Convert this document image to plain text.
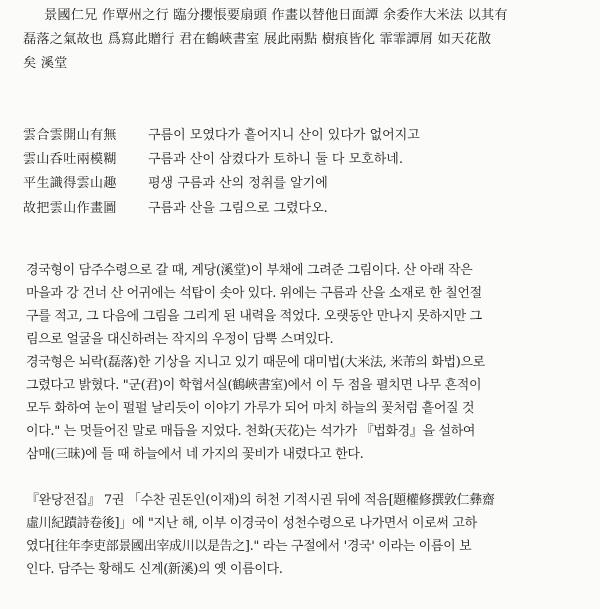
景國仁兄 作覃州之行 臨分攖悵要扇頭 作畫以替他日面譚 余委作大米法 以其有
磊落之氣故也 爲寫此贈行 君在鶴峽書室 展此兩點 樹痕皆化 霏霏譚屑 如天花散
矣 溪堂
雲合雲開山有無	구름이 모였다가 흩어지니 산이 있다가 없어지고
雲山呑吐兩模糊	구름과 산이 삼켰다가 토하니 둘 다 모호하네.
平生識得雲山趣	평생 구름과 산의 정취를 알기에
故把雲山作畫圖	구름과 산을 그림으로 그렸다오.
경국형이 담주수령으로 갈 때, 계당(溪堂)이 부채에 그려준 그림이다. 산 아래 작은
마을과 강 건너 산 어귀에는 석탑이 솟아 있다. 위에는 구름과 산을 소재로 한 칠언절
구를 적고, 그 다음에 그림을 그리게 된 내력을 적었다. 오랫동안 만나지 못하지만 그
림으로 얼굴을 대신하려는 작지의 우정이 담뿍 스며있다.
경국형은 뇌락(磊落)한 기상을 지니고 있기 때문에 대미법(大米法, 米芾의 화법)으로
그렸다고 밝혔다. "군(君)이 학협서실(鶴峽書室)에서 이 두 점을 펼치면 나무 흔적이
모두 화하여 눈이 펄펄 날리듯이 이야기 가루가 되어 마치 하늘의 꽃처럼 흩어질 것
이다." 는 멋들어진 말로 매듭을 지었다. 천화(天花)는 석가가 『법화경』을 설하여
삼매(三昧)에 들 때 하늘에서 네 가지의 꽃비가 내렸다고 한다.
『완당전집』 7권 「수찬 권돈인(이재)의 허천 기적시권 뒤에 적음[題權修撰敦仁彝齋
虛川紀蹟詩卷後]」에 "지난 해, 이부 이경국이 성천수령으로 나가면서 이로써 고하
였다[往年李吏部景國出宰成川以是告之]." 라는 구절에서 '경국' 이라는 이름이 보
인다. 담주는 황해도 신계(新溪)의 옛 이름이다.
